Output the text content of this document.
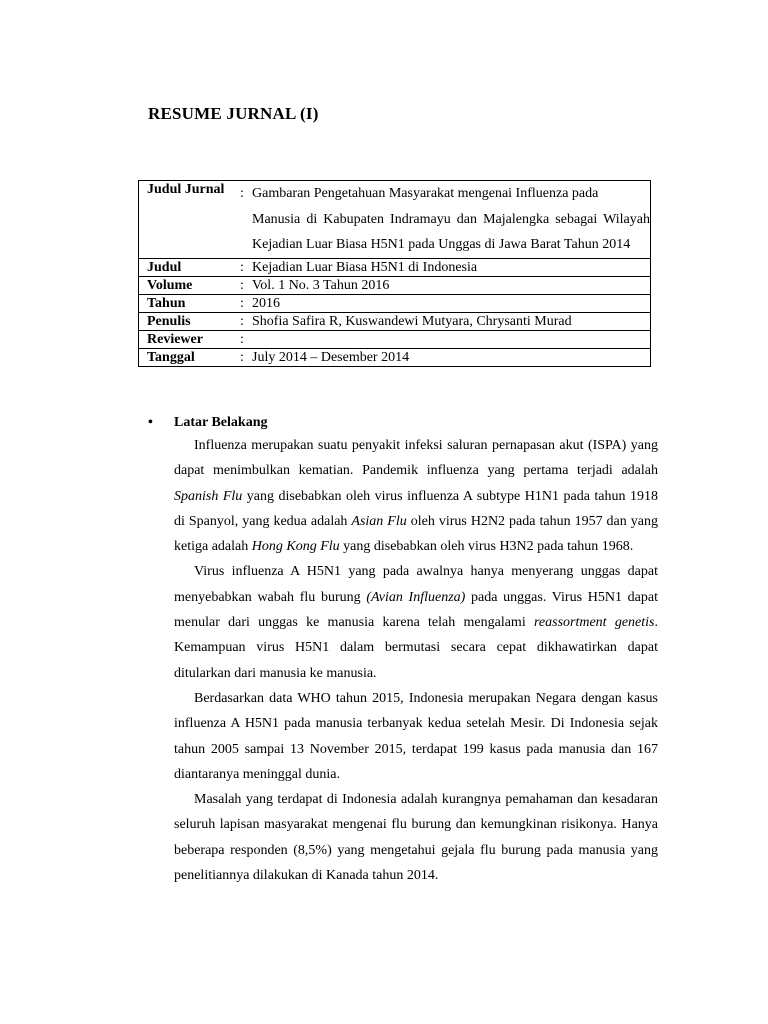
RESUME JURNAL (I)
Judul Jurnal	: Gambaran Pengetahuan Masyarakat mengenai Influenza pada
Manusia di Kabupaten Indramayu dan Majalengka sebagai Wilayah Kejadian Luar Biasa H5N1 pada Unggas di Jawa Barat Tahun 2014

Judul	: Kejadian Luar Biasa H5N1 di Indonesia
Volume	: Vol. 1 No. 3 Tahun 2016
Tahun	: 2016
Penulis	: Shofia Safira R, Kuswandewi Mutyara, Chrysanti Murad
Reviewer	:
Tanggal	: July 2014 – Desember 2014
• Latar Belakang

Influenza merupakan suatu penyakit infeksi saluran pernapasan akut (ISPA) yang dapat menimbulkan kematian. Pandemik influenza yang pertama terjadi adalah Spanish Flu yang disebabkan oleh virus influenza A subtype H1N1 pada tahun 1918 di Spanyol, yang kedua adalah Asian Flu oleh virus H2N2 pada tahun 1957 dan yang ketiga adalah Hong Kong Flu yang disebabkan oleh virus H3N2 pada tahun 1968.

Virus influenza A H5N1 yang pada awalnya hanya menyerang unggas dapat menyebabkan wabah flu burung (Avian Influenza) pada unggas. Virus H5N1 dapat menular dari unggas ke manusia karena telah mengalami reassortment genetis. Kemampuan virus H5N1 dalam bermutasi secara cepat dikhawatirkan dapat ditularkan dari manusia ke manusia.

Berdasarkan data WHO tahun 2015, Indonesia merupakan Negara dengan kasus influenza A H5N1 pada manusia terbanyak kedua setelah Mesir. Di Indonesia sejak tahun 2005 sampai 13 November 2015, terdapat 199 kasus pada manusia dan 167 diantaranya meninggal dunia.

Masalah yang terdapat di Indonesia adalah kurangnya pemahaman dan kesadaran seluruh lapisan masyarakat mengenai flu burung dan kemungkinan risikonya. Hanya beberapa responden (8,5%) yang mengetahui gejala flu burung pada manusia yang penelitiannya dilakukan di Kanada tahun 2014.
